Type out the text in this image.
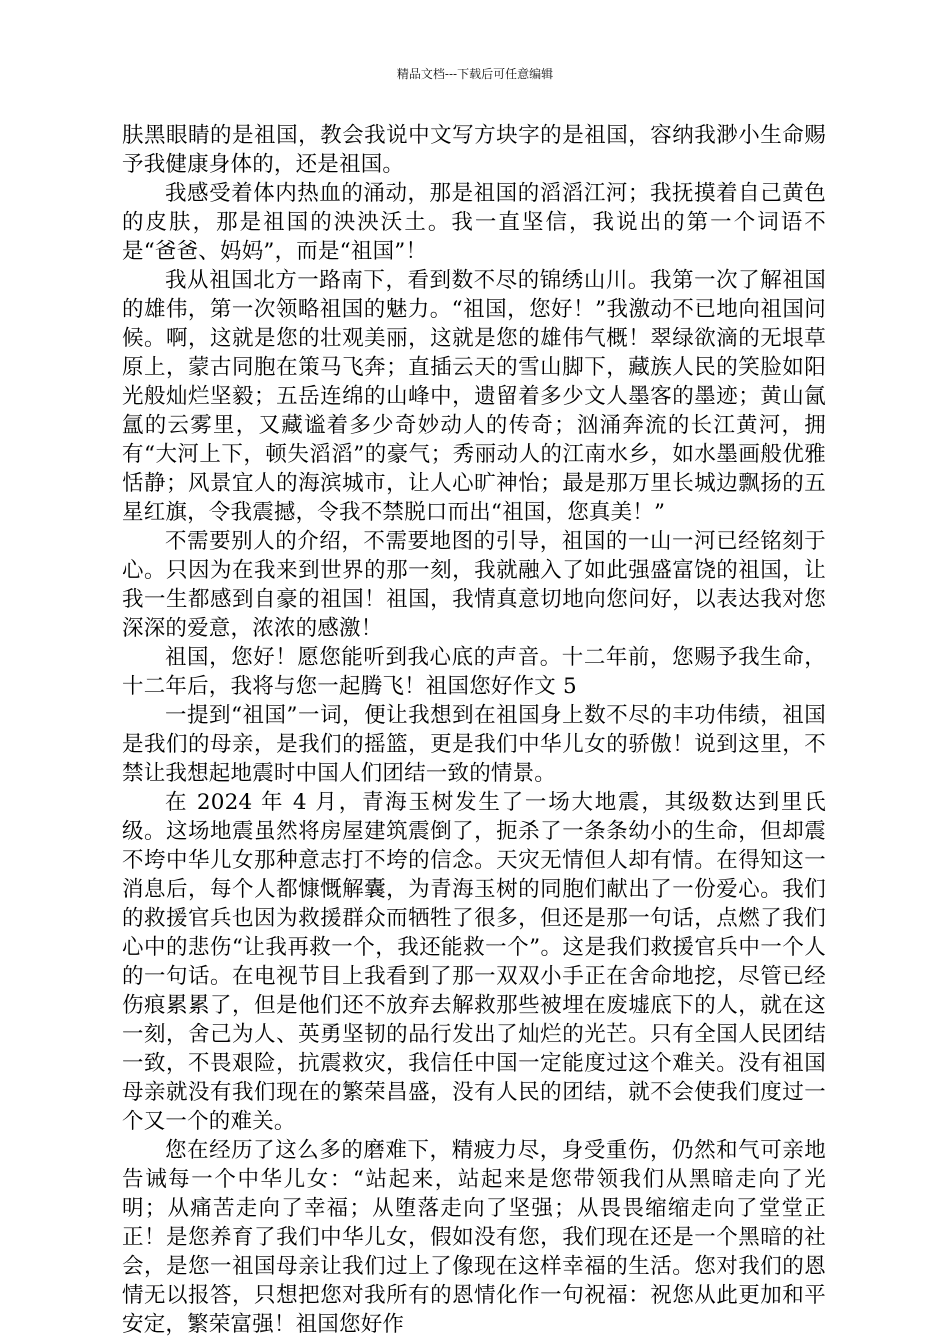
精品文档---下载后可任意编辑

肤黑眼睛的是祖国，教会我说中文写方块字的是祖国，容纳我渺小生命赐予我健康身体的，还是祖国。

我感受着体内热血的涌动，那是祖国的滔滔江河；我抚摸着自己黄色的皮肤，那是祖国的泱泱沃土。我一直坚信，我说出的第一个词语不是“爸爸、妈妈”，而是“祖国”！

我从祖国北方一路南下，看到数不尽的锦绣山川。我第一次了解祖国的雄伟，第一次领略祖国的魅力。“祖国，您好！”我激动不已地向祖国问候。啊，这就是您的壮观美丽，这就是您的雄伟气概！翠绿欲滴的无垠草原上，蒙古同胞在策马飞奔；直插云天的雪山脚下，藏族人民的笑脸如阳光般灿烂坚毅；五岳连绵的山峰中，遗留着多少文人墨客的墨迹；黄山氤氲的云雾里，又藏谧着多少奇妙动人的传奇；汹涌奔流的长江黄河，拥有“大河上下，顿失滔滔”的豪气；秀丽动人的江南水乡，如水墨画般优雅恬静；风景宜人的海滨城市，让人心旷神怡；最是那万里长城边飘扬的五星红旗，令我震撼，令我不禁脱口而出“祖国，您真美！”

不需要别人的介绍，不需要地图的引导，祖国的一山一河已经铭刻于心。只因为在我来到世界的那一刻，我就融入了如此强盛富饶的祖国，让我一生都感到自豪的祖国！祖国，我情真意切地向您问好，以表达我对您深深的爱意，浓浓的感激！

祖国，您好！愿您能听到我心底的声音。十二年前，您赐予我生命，十二年后，我将与您一起腾飞！祖国您好作文 5

一提到“祖国”一词，便让我想到在祖国身上数不尽的丰功伟绩，祖国是我们的母亲，是我们的摇篮，更是我们中华儿女的骄傲！说到这里，不禁让我想起地震时中国人们团结一致的情景。

在 2024 年 4 月，青海玉树发生了一场大地震，其级数达到里氏级。这场地震虽然将房屋建筑震倒了，扼杀了一条条幼小的生命，但却震不垮中华儿女那种意志打不垮的信念。天灾无情但人却有情。在得知这一消息后，每个人都慷慨解囊，为青海玉树的同胞们献出了一份爱心。我们的救援官兵也因为救援群众而牺牲了很多，但还是那一句话，点燃了我们心中的悲伤“让我再救一个，我还能救一个”。这是我们救援官兵中一个人的一句话。在电视节目上我看到了那一双双小手正在舍命地挖，尽管已经伤痕累累了，但是他们还不放弃去解救那些被埋在废墟底下的人，就在这一刻，舍己为人、英勇坚韧的品行发出了灿烂的光芒。只有全国人民团结一致，不畏艰险，抗震救灾，我信任中国一定能度过这个难关。没有祖国母亲就没有我们现在的繁荣昌盛，没有人民的团结，就不会使我们度过一个又一个的难关。

您在经历了这么多的磨难下，精疲力尽，身受重伤，仍然和气可亲地告诫每一个中华儿女：“站起来，站起来是您带领我们从黑暗走向了光明；从痛苦走向了幸福；从堕落走向了坚强；从畏畏缩缩走向了堂堂正正！是您养育了我们中华儿女，假如没有您，我们现在还是一个黑暗的社会，是您一祖国母亲让我们过上了像现在这样幸福的生活。您对我们的恩情无以报答，只想把您对我所有的恩情化作一句祝福：祝您从此更加和平安定，繁荣富强！祖国您好作
